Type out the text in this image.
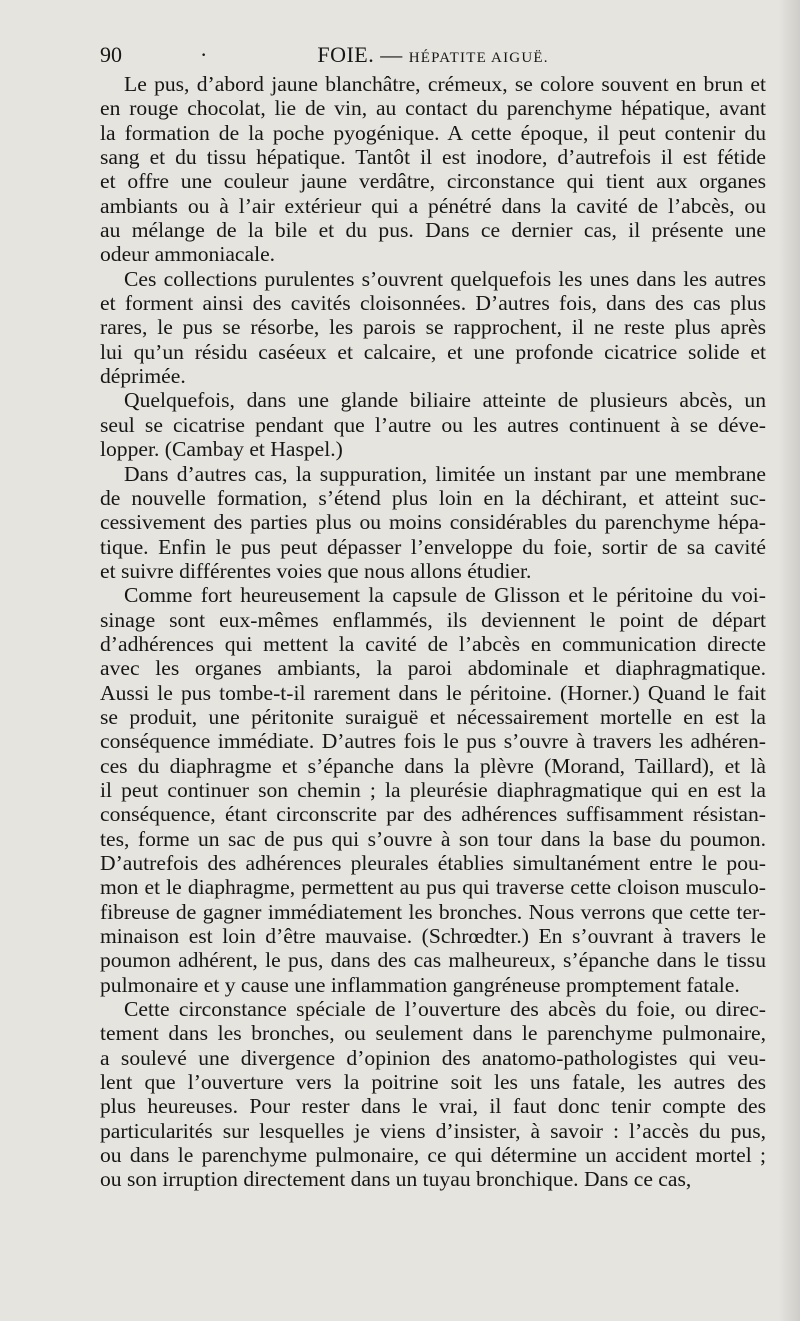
90	·	FOIE. — HÉPATITE AIGUË.

Le pus, d’abord jaune blanchâtre, crémeux, se colore souvent en brun et

en rouge chocolat, lie de vin, au contact du parenchyme hépatique, avant

la formation de la poche pyogénique. A cette époque, il peut contenir du

sang et du tissu hépatique. Tantôt il est inodore, d’autrefois il est fétide

et offre une couleur jaune verdâtre, circonstance qui tient aux organes

ambiants ou à l’air extérieur qui a pénétré dans la cavité de l’abcès, ou

au mélange de la bile et du pus. Dans ce dernier cas, il présente une

odeur ammoniacale.

Ces collections purulentes s’ouvrent quelquefois les unes dans les autres

et forment ainsi des cavités cloisonnées. D’autres fois, dans des cas plus

rares, le pus se résorbe, les parois se rapprochent, il ne reste plus après

lui qu’un résidu caséeux et calcaire, et une profonde cicatrice solide et

déprimée.

Quelquefois, dans une glande biliaire atteinte de plusieurs abcès, un

seul se cicatrise pendant que l’autre ou les autres continuent à se déve-

lopper. (Cambay et Haspel.)

Dans d’autres cas, la suppuration, limitée un instant par une membrane

de nouvelle formation, s’étend plus loin en la déchirant, et atteint suc-

cessivement des parties plus ou moins considérables du parenchyme hépa-

tique. Enfin le pus peut dépasser l’enveloppe du foie, sortir de sa cavité

et suivre différentes voies que nous allons étudier.

Comme fort heureusement la capsule de Glisson et le péritoine du voi-

sinage sont eux-mêmes enflammés, ils deviennent le point de départ

d’adhérences qui mettent la cavité de l’abcès en communication directe

avec les organes ambiants, la paroi abdominale et diaphragmatique.

Aussi le pus tombe-t-il rarement dans le péritoine. (Horner.) Quand le fait

se produit, une péritonite suraiguë et nécessairement mortelle en est la

conséquence immédiate. D’autres fois le pus s’ouvre à travers les adhéren-

ces du diaphragme et s’épanche dans la plèvre (Morand, Taillard), et là

il peut continuer son chemin ; la pleurésie diaphragmatique qui en est la

conséquence, étant circonscrite par des adhérences suffisamment résistan-

tes, forme un sac de pus qui s’ouvre à son tour dans la base du poumon.

D’autrefois des adhérences pleurales établies simultanément entre le pou-

mon et le diaphragme, permettent au pus qui traverse cette cloison musculo-

fibreuse de gagner immédiatement les bronches. Nous verrons que cette ter-

minaison est loin d’être mauvaise. (Schrœdter.) En s’ouvrant à travers le

poumon adhérent, le pus, dans des cas malheureux, s’épanche dans le tissu

pulmonaire et y cause une inflammation gangréneuse promptement fatale.

Cette circonstance spéciale de l’ouverture des abcès du foie, ou direc-

tement dans les bronches, ou seulement dans le parenchyme pulmonaire,

a soulevé une divergence d’opinion des anatomo-pathologistes qui veu-

lent que l’ouverture vers la poitrine soit les uns fatale, les autres des

plus heureuses. Pour rester dans le vrai, il faut donc tenir compte des

particularités sur lesquelles je viens d’insister, à savoir : l’accès du pus,

ou dans le parenchyme pulmonaire, ce qui détermine un accident mortel ;

ou son irruption directement dans un tuyau bronchique. Dans ce cas,
